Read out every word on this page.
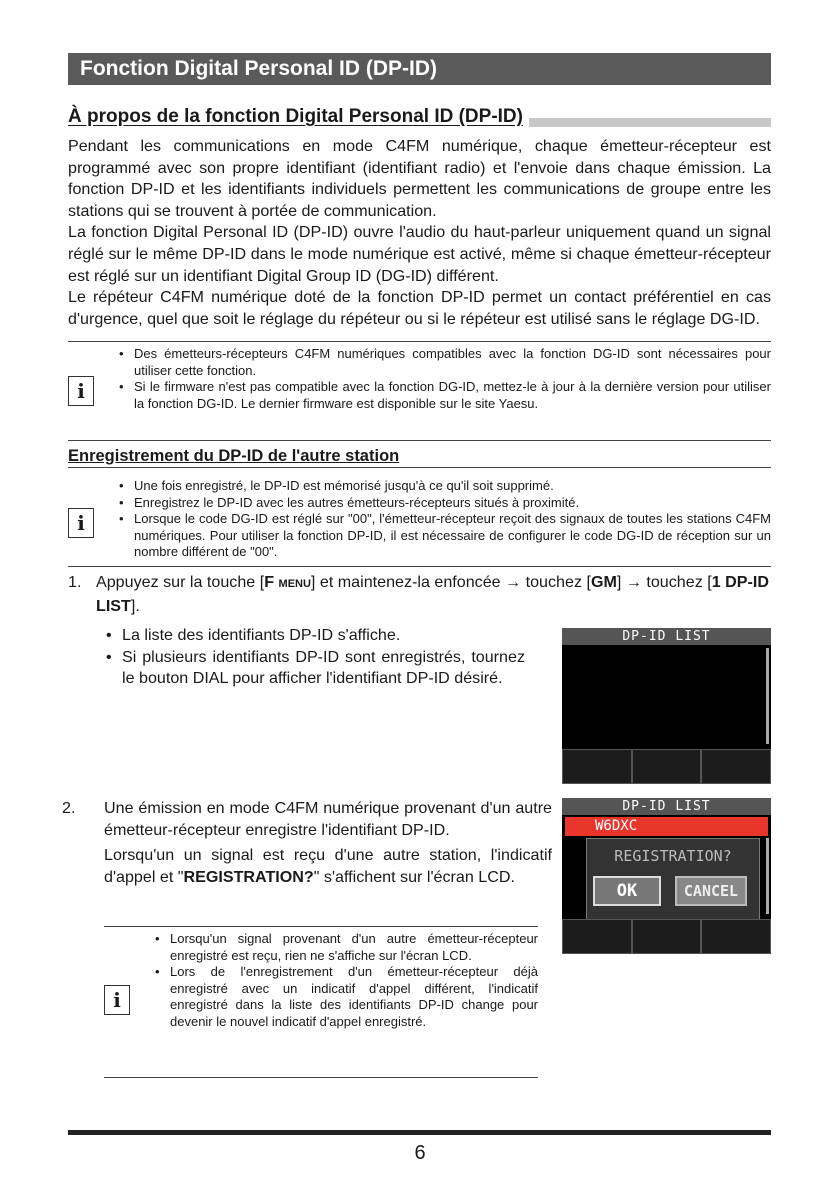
Fonction Digital Personal ID (DP-ID)
À propos de la fonction Digital Personal ID (DP-ID)

Pendant les communications en mode C4FM numérique, chaque émetteur-récepteur est programmé avec son propre identifiant (identifiant radio) et l'envoie dans chaque émission. La fonction DP-ID et les identifiants individuels permettent les communications de groupe entre les stations qui se trouvent à portée de communication.

La fonction Digital Personal ID (DP-ID) ouvre l'audio du haut-parleur uniquement quand un signal réglé sur le même DP-ID dans le mode numérique est activé, même si chaque émetteur-récepteur est réglé sur un identifiant Digital Group ID (DG-ID) différent.

Le répéteur C4FM numérique doté de la fonction DP-ID permet un contact préférentiel en cas d'urgence, quel que soit le réglage du répéteur ou si le répéteur est utilisé sans le réglage DG-ID.

i
• Des émetteurs-récepteurs C4FM numériques compatibles avec la fonction DG-ID sont nécessaires pour utiliser cette fonction.
• Si le firmware n'est pas compatible avec la fonction DG-ID, mettez-le à jour à la dernière version pour utiliser la fonction DG-ID. Le dernier firmware est disponible sur le site Yaesu.
Enregistrement du DP-ID de l'autre station
i
• Une fois enregistré, le DP-ID est mémorisé jusqu'à ce qu'il soit supprimé.
• Enregistrez le DP-ID avec les autres émetteurs-récepteurs situés à proximité.
• Lorsque le code DG-ID est réglé sur "00", l'émetteur-récepteur reçoit des signaux de toutes les stations C4FM numériques. Pour utiliser la fonction DP-ID, il est nécessaire de configurer le code DG-ID de réception sur un nombre différent de "00".
1. Appuyez sur la touche [F MENU] et maintenez-la enfoncée → touchez [GM] → touchez [1 DP-ID LIST].
• La liste des identifiants DP-ID s'affiche.
• Si plusieurs identifiants DP-ID sont enregistrés, tournez le bouton DIAL pour afficher l'identifiant DP-ID désiré.
DP-ID LIST
2. Une émission en mode C4FM numérique provenant d'un autre émetteur-récepteur enregistre l'identifiant DP-ID.
Lorsqu'un un signal est reçu d'une autre station, l'indicatif d'appel et "REGISTRATION?" s'affichent sur l'écran LCD.
DP-ID LIST
W6DXC
REGISTRATION?
OK	CANCEL
i
• Lorsqu'un signal provenant d'un autre émetteur-récepteur enregistré est reçu, rien ne s'affiche sur l'écran LCD.
• Lors de l'enregistrement d'un émetteur-récepteur déjà enregistré avec un indicatif d'appel différent, l'indicatif enregistré dans la liste des identifiants DP-ID change pour devenir le nouvel indicatif d'appel enregistré.
6
